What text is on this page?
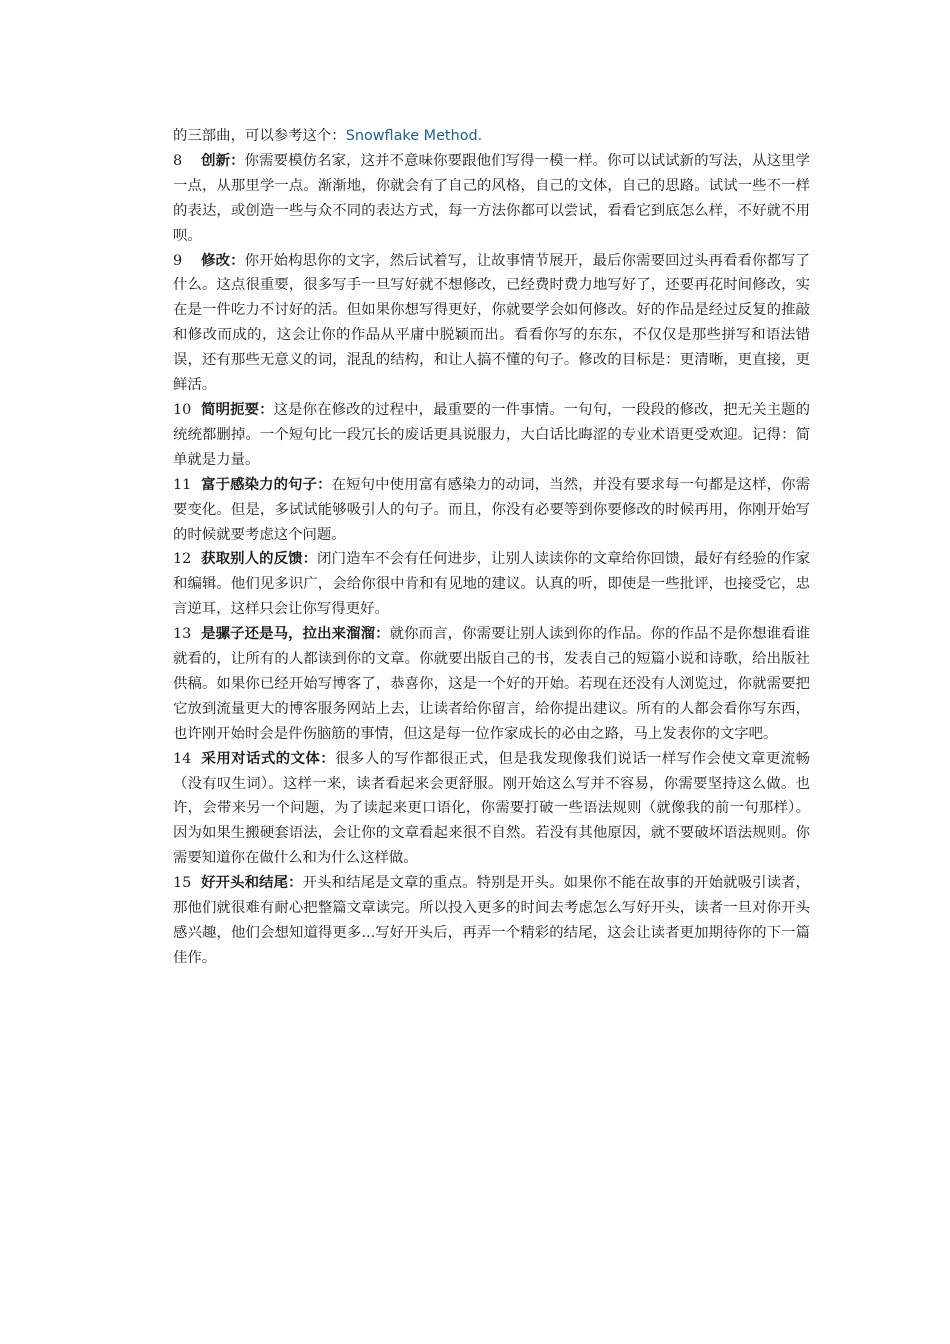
的三部曲，可以参考这个：Snowflake Method.

8 创新：你需要模仿名家，这并不意味你要跟他们写得一模一样。你可以试试新的写法，从这里学一点，从那里学一点。渐渐地，你就会有了自己的风格，自己的文体，自己的思路。试试一些不一样的表达，或创造一些与众不同的表达方式，每一方法你都可以尝试，看看它到底怎么样，不好就不用呗。

9 修改：你开始构思你的文字，然后试着写，让故事情节展开，最后你需要回过头再看看你都写了什么。这点很重要，很多写手一旦写好就不想修改，已经费时费力地写好了，还要再花时间修改，实在是一件吃力不讨好的活。但如果你想写得更好，你就要学会如何修改。好的作品是经过反复的推敲和修改而成的，这会让你的作品从平庸中脱颖而出。看看你写的东东，不仅仅是那些拼写和语法错误，还有那些无意义的词，混乱的结构，和让人搞不懂的句子。修改的目标是：更清晰，更直接，更鲜活。

10 简明扼要：这是你在修改的过程中，最重要的一件事情。一句句，一段段的修改，把无关主题的统统都删掉。一个短句比一段冗长的废话更具说服力，大白话比晦涩的专业术语更受欢迎。记得：简单就是力量。

11 富于感染力的句子：在短句中使用富有感染力的动词，当然，并没有要求每一句都是这样，你需要变化。但是，多试试能够吸引人的句子。而且，你没有必要等到你要修改的时候再用，你刚开始写的时候就要考虑这个问题。

12 获取别人的反馈：闭门造车不会有任何进步，让别人读读你的文章给你回馈，最好有经验的作家和编辑。他们见多识广，会给你很中肯和有见地的建议。认真的听，即使是一些批评，也接受它，忠言逆耳，这样只会让你写得更好。

13 是骡子还是马，拉出来溜溜：就你而言，你需要让别人读到你的作品。你的作品不是你想谁看谁就看的，让所有的人都读到你的文章。你就要出版自己的书，发表自己的短篇小说和诗歌，给出版社供稿。如果你已经开始写博客了，恭喜你，这是一个好的开始。若现在还没有人浏览过，你就需要把它放到流量更大的博客服务网站上去，让读者给你留言，给你提出建议。所有的人都会看你写东西，也许刚开始时会是件伤脑筋的事情，但这是每一位作家成长的必由之路，马上发表你的文字吧。

14 采用对话式的文体：很多人的写作都很正式，但是我发现像我们说话一样写作会使文章更流畅（没有叹生词）。这样一来，读者看起来会更舒服。刚开始这么写并不容易，你需要坚持这么做。也许，会带来另一个问题，为了读起来更口语化，你需要打破一些语法规则（就像我的前一句那样）。因为如果生搬硬套语法，会让你的文章看起来很不自然。若没有其他原因，就不要破坏语法规则。你需要知道你在做什么和为什么这样做。

15 好开头和结尾：开头和结尾是文章的重点。特别是开头。如果你不能在故事的开始就吸引读者，那他们就很难有耐心把整篇文章读完。所以投入更多的时间去考虑怎么写好开头，读者一旦对你开头感兴趣，他们会想知道得更多...写好开头后，再弄一个精彩的结尾，这会让读者更加期待你的下一篇佳作。
